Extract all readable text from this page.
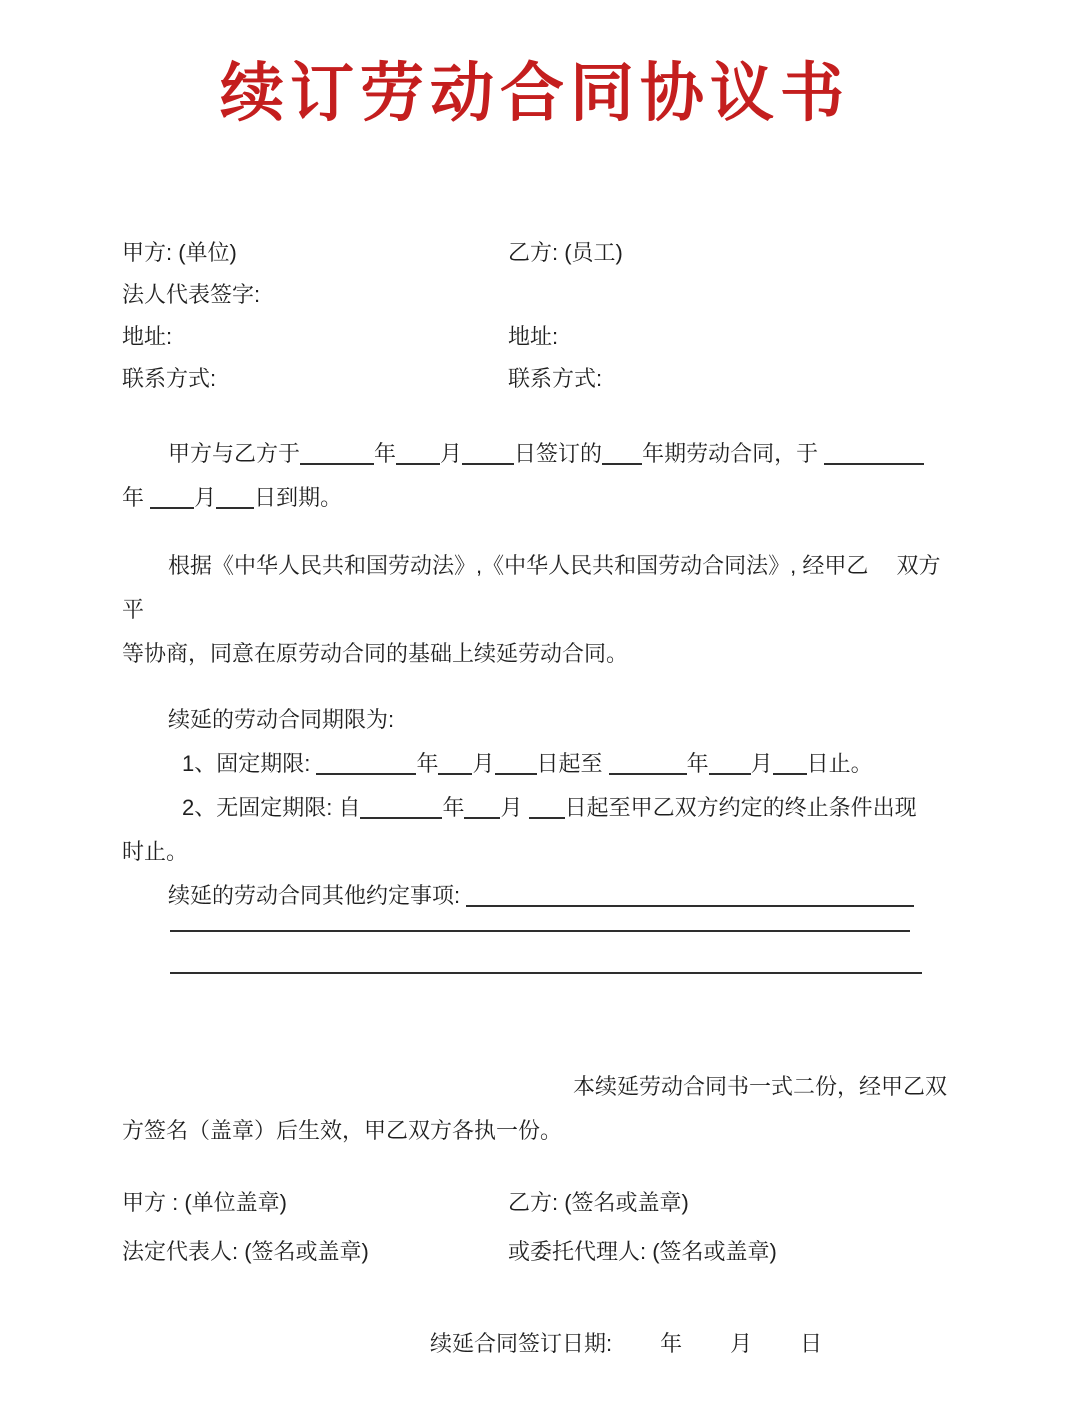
续订劳动合同协议书
甲方: (单位)	乙方: (员工)
法人代表签字:
地址:	地址:
联系方式:	联系方式:

甲方与乙方于	年 月 日签订的 年期劳动合同，于
年 月 日到期。

根据《中华人民共和国劳动法》,《中华人民共和国劳动合同法》, 经甲乙　 双方平
等协商，同意在原劳动合同的基础上续延劳动合同。

续延的劳动合同期限为:

1、固定期限:	年 月 日起至	年 月 日止。

2、无固定期限: 自	年 月 日起至甲乙双方约定的终止条件出现
时止。

续延的劳动合同其他约定事项:

本续延劳动合同书一式二份，经甲乙双
方签名（盖章）后生效，甲乙双方各执一份。

甲方 : (单位盖章)	乙方: (签名或盖章)
法定代表人: (签名或盖章)	或委托代理人: (签名或盖章)

续延合同签订日期: 年 月 日
